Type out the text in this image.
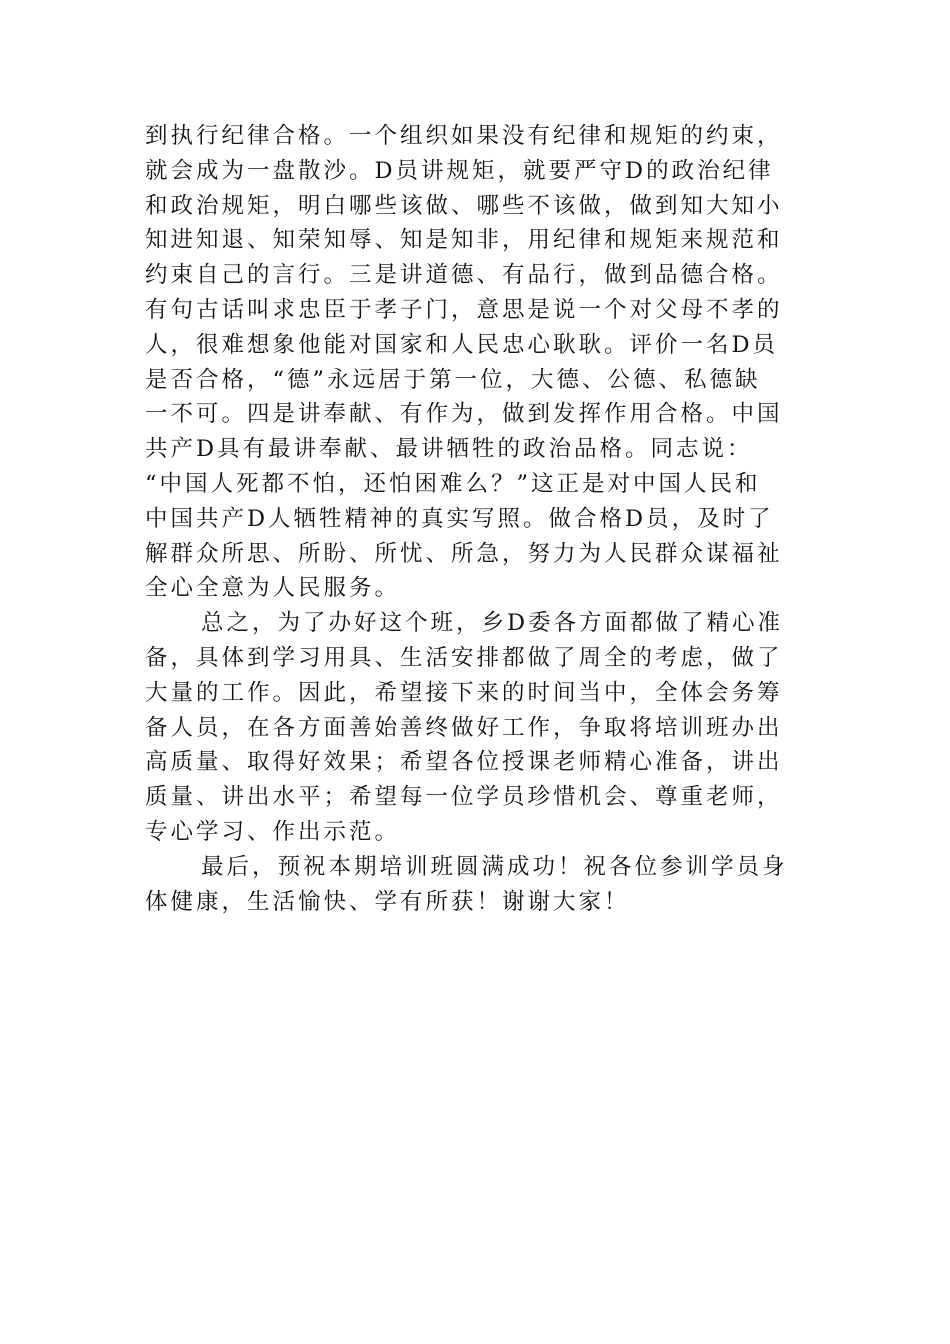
到执行纪律合格。一个组织如果没有纪律和规矩的约束，
就会成为一盘散沙。D员讲规矩，就要严守D的政治纪律
和政治规矩，明白哪些该做、哪些不该做，做到知大知小
知进知退、知荣知辱、知是知非，用纪律和规矩来规范和
约束自己的言行。三是讲道德、有品行，做到品德合格。
有句古话叫求忠臣于孝子门，意思是说一个对父母不孝的
人，很难想象他能对国家和人民忠心耿耿。评价一名D员
是否合格，“德”永远居于第一位，大德、公德、私德缺
一不可。四是讲奉献、有作为，做到发挥作用合格。中国
共产D具有最讲奉献、最讲牺牲的政治品格。同志说：
“中国人死都不怕，还怕困难么？”这正是对中国人民和
中国共产D人牺牲精神的真实写照。做合格D员，及时了
解群众所思、所盼、所忧、所急，努力为人民群众谋福祉
全心全意为人民服务。
总之，为了办好这个班，乡D委各方面都做了精心准
备，具体到学习用具、生活安排都做了周全的考虑，做了
大量的工作。因此，希望接下来的时间当中，全体会务筹
备人员，在各方面善始善终做好工作，争取将培训班办出
高质量、取得好效果；希望各位授课老师精心准备，讲出
质量、讲出水平；希望每一位学员珍惜机会、尊重老师，
专心学习、作出示范。
最后，预祝本期培训班圆满成功！祝各位参训学员身
体健康，生活愉快、学有所获！谢谢大家！
